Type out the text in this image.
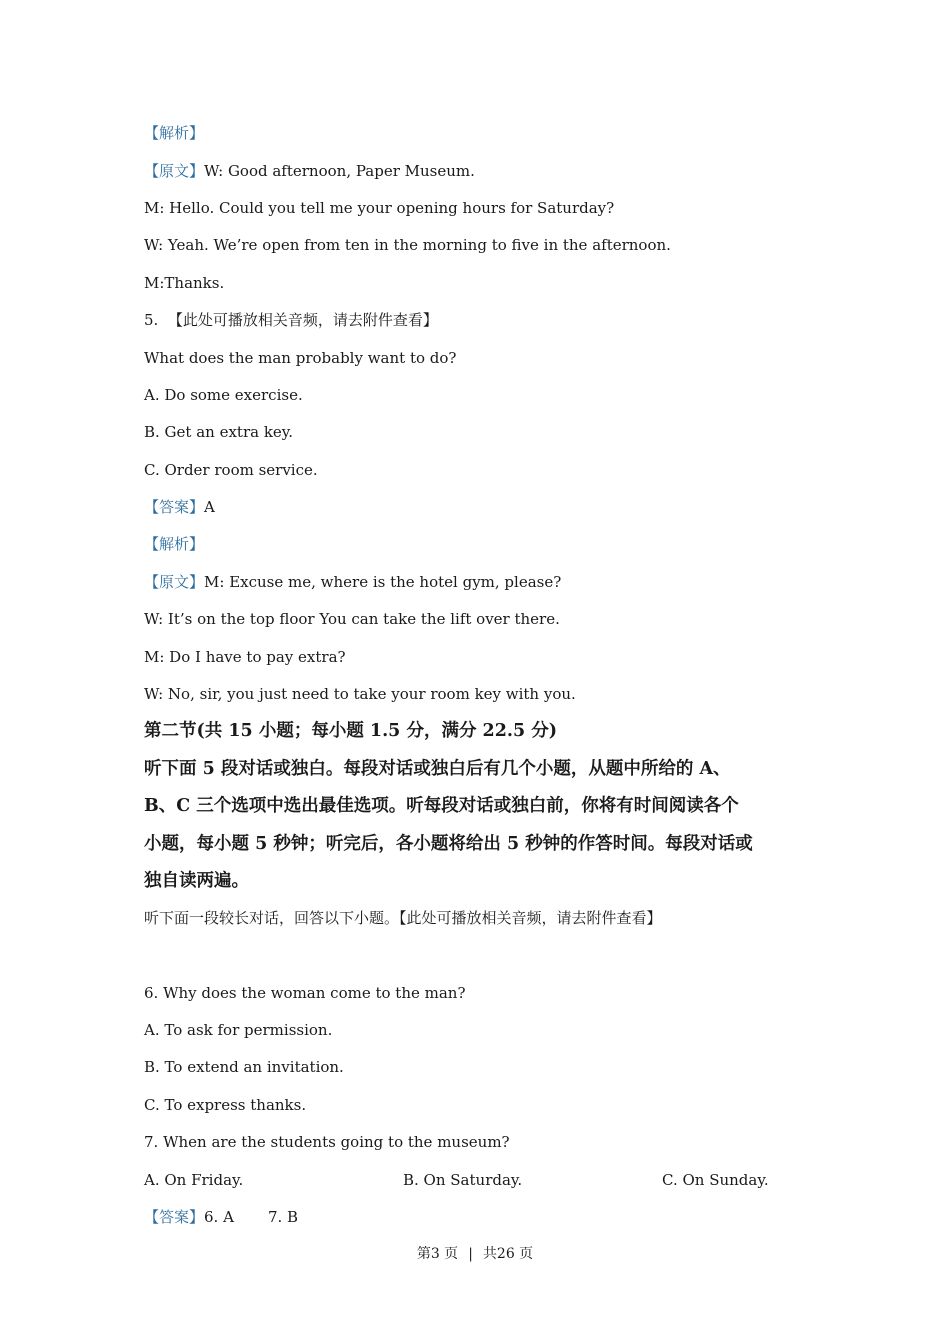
【解析】
【原文】W: Good afternoon, Paper Museum.
M: Hello. Could you tell me your opening hours for Saturday?
W: Yeah. We’re open from ten in the morning to five in the afternoon.
M:Thanks.
5. 【此处可播放相关音频，请去附件查看】
What does the man probably want to do?
A. Do some exercise.
B. Get an extra key.
C. Order room service.
【答案】A
【解析】
【原文】M: Excuse me, where is the hotel gym, please?
W: It’s on the top floor You can take the lift over there.
M: Do I have to pay extra?
W: No, sir, you just need to take your room key with you.
第二节(共 15 小题；每小题 1.5 分，满分 22.5 分)
听下面 5 段对话或独白。每段对话或独白后有几个小题，从题中所给的 A、
B、C 三个选项中选出最佳选项。听每段对话或独白前，你将有时间阅读各个
小题，每小题 5 秒钟；听完后，各小题将给出 5 秒钟的作答时间。每段对话或
独自读两遍。
听下面一段较长对话，回答以下小题。【此处可播放相关音频，请去附件查看】
6. Why does the woman come to the man?
A. To ask for permission.
B. To extend an invitation.
C. To express thanks.
7. When are the students going to the museum?
A. On Friday.	B. On Saturday.	C. On Sunday.
【答案】6. A 7. B
第3 页 | 共26 页
